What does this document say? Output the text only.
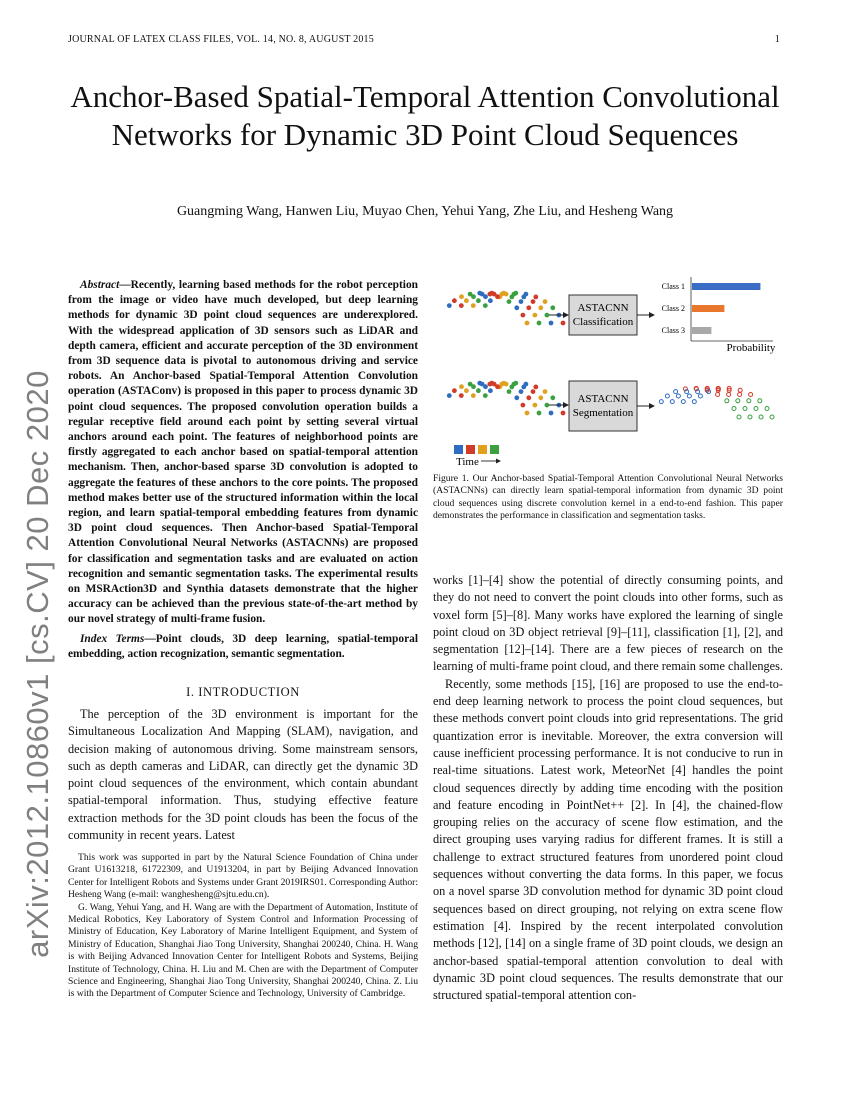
JOURNAL OF LATEX CLASS FILES, VOL. 14, NO. 8, AUGUST 2015	1
Anchor-Based Spatial-Temporal Attention Convolutional Networks for Dynamic 3D Point Cloud Sequences
Guangming Wang, Hanwen Liu, Muyao Chen, Yehui Yang, Zhe Liu, and Hesheng Wang
arXiv:2012.10860v1 [cs.CV] 20 Dec 2020
Abstract—Recently, learning based methods for the robot perception from the image or video have much developed, but deep learning methods for dynamic 3D point cloud sequences are underexplored. With the widespread application of 3D sensors such as LiDAR and depth camera, efficient and accurate perception of the 3D environment from 3D sequence data is pivotal to autonomous driving and service robots. An Anchor-based Spatial-Temporal Attention Convolution operation (ASTAConv) is proposed in this paper to process dynamic 3D point cloud sequences. The proposed convolution operation builds a regular receptive field around each point by setting several virtual anchors around each point. The features of neighborhood points are firstly aggregated to each anchor based on spatial-temporal attention mechanism. Then, anchor-based sparse 3D convolution is adopted to aggregate the features of these anchors to the core points. The proposed method makes better use of the structured information within the local region, and learn spatial-temporal embedding features from dynamic 3D point cloud sequences. Then Anchor-based Spatial-Temporal Attention Convolutional Neural Networks (ASTACNNs) are proposed for classification and segmentation tasks and are evaluated on action recognition and semantic segmentation tasks. The experimental results on MSRAction3D and Synthia datasets demonstrate that the higher accuracy can be achieved than the previous state-of-the-art method by our novel strategy of multi-frame fusion.
Index Terms—Point clouds, 3D deep learning, spatial-temporal embedding, action recognization, semantic segmentation.
I. INTRODUCTION
The perception of the 3D environment is important for the Simultaneous Localization And Mapping (SLAM), navigation, and decision making of autonomous driving. Some mainstream sensors, such as depth cameras and LiDAR, can directly get the dynamic 3D point cloud sequences of the environment, which contain abundant spatial-temporal information. Thus, studying effective feature extraction methods for the 3D point clouds has been the focus of the community in recent years. Latest

This work was supported in part by the Natural Science Foundation of China under Grant U1613218, 61722309, and U1913204, in part by Beijing Advanced Innovation Center for Intelligent Robots and Systems under Grant 2019IRS01. Corresponding Author: Hesheng Wang (e-mail: wanghesheng@sjtu.edu.cn).

G. Wang, Yehui Yang, and H. Wang are with the Department of Automation, Institute of Medical Robotics, Key Laboratory of System Control and Information Processing of Ministry of Education, Key Laboratory of Marine Intelligent Equipment, and System of Ministry of Education, Shanghai Jiao Tong University, Shanghai 200240, China. H. Wang is with Beijing Advanced Innovation Center for Intelligent Robots and Systems, Beijing Institute of Technology, China. H. Liu and M. Chen are with the Department of Computer Science and Engineering, Shanghai Jiao Tong University, Shanghai 200240, China. Z. Liu is with the Department of Computer Science and Technology, University of Cambridge.

ASTACNN
Classification
Class 1
Class 2
Class 3
Probability
ASTACNN
Segmentation
Time
Figure 1. Our Anchor-based Spatial-Temporal Attention Convolutional Neural Networks (ASTACNNs) can directly learn spatial-temporal information from dynamic 3D point cloud sequences using discrete convolution kernel in a end-to-end fashion. This paper demonstrates the performance in classification and segmentation tasks.

works [1]–[4] show the potential of directly consuming points, and they do not need to convert the point clouds into other forms, such as voxel form [5]–[8]. Many works have explored the learning of single point cloud on 3D object retrieval [9]–[11], classification [1], [2], and segmentation [12]–[14]. There are a few pieces of research on the learning of multi-frame point cloud, and there remain some challenges.

Recently, some methods [15], [16] are proposed to use the end-to-end deep learning network to process the point cloud sequences, but these methods convert point clouds into grid representations. The grid quantization error is inevitable. Moreover, the extra conversion will cause inefficient processing performance. It is not conducive to run in real-time situations. Latest work, MeteorNet [4] handles the point cloud sequences directly by adding time encoding with the position and feature encoding in PointNet++ [2]. In [4], the chained-flow grouping relies on the accuracy of scene flow estimation, and the direct grouping uses varying radius for different frames. It is still a challenge to extract structured features from unordered point cloud sequences without converting the data forms. In this paper, we focus on a novel sparse 3D convolution method for dynamic 3D point cloud sequences based on direct grouping, not relying on extra scene flow estimation [4]. Inspired by the recent interpolated convolution methods [12], [14] on a single frame of 3D point clouds, we design an anchor-based spatial-temporal attention convolution to deal with dynamic 3D point cloud sequences. The results demonstrate that our structured spatial-temporal attention con-
